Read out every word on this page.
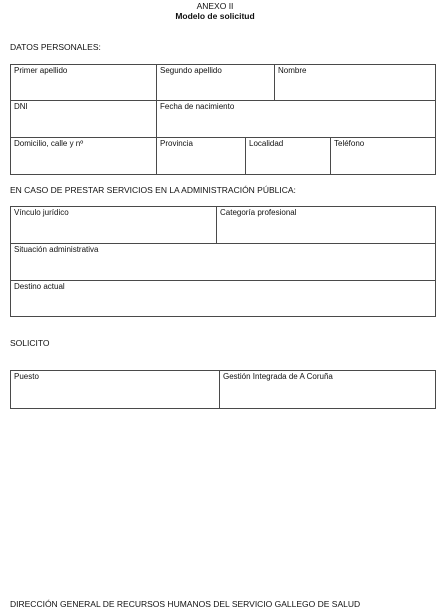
ANEXO II
Modelo de solicitud
DATOS PERSONALES:
Primer apellido	Segundo apellido		Nombre	
DNI	Fecha de nacimiento			
Domicilio, calle y nº	Provincia	Localidad		Teléfono
EN CASO DE PRESTAR SERVICIOS EN LA ADMINISTRACIÓN PÚBLICA:
Vínculo jurídico	Categoría profesional
Situación administrativa
Destino actual
SOLICITO
Puesto	Gestión Integrada de A Coruña
DIRECCIÓN GENERAL DE RECURSOS HUMANOS DEL SERVICIO GALLEGO DE SALUD
